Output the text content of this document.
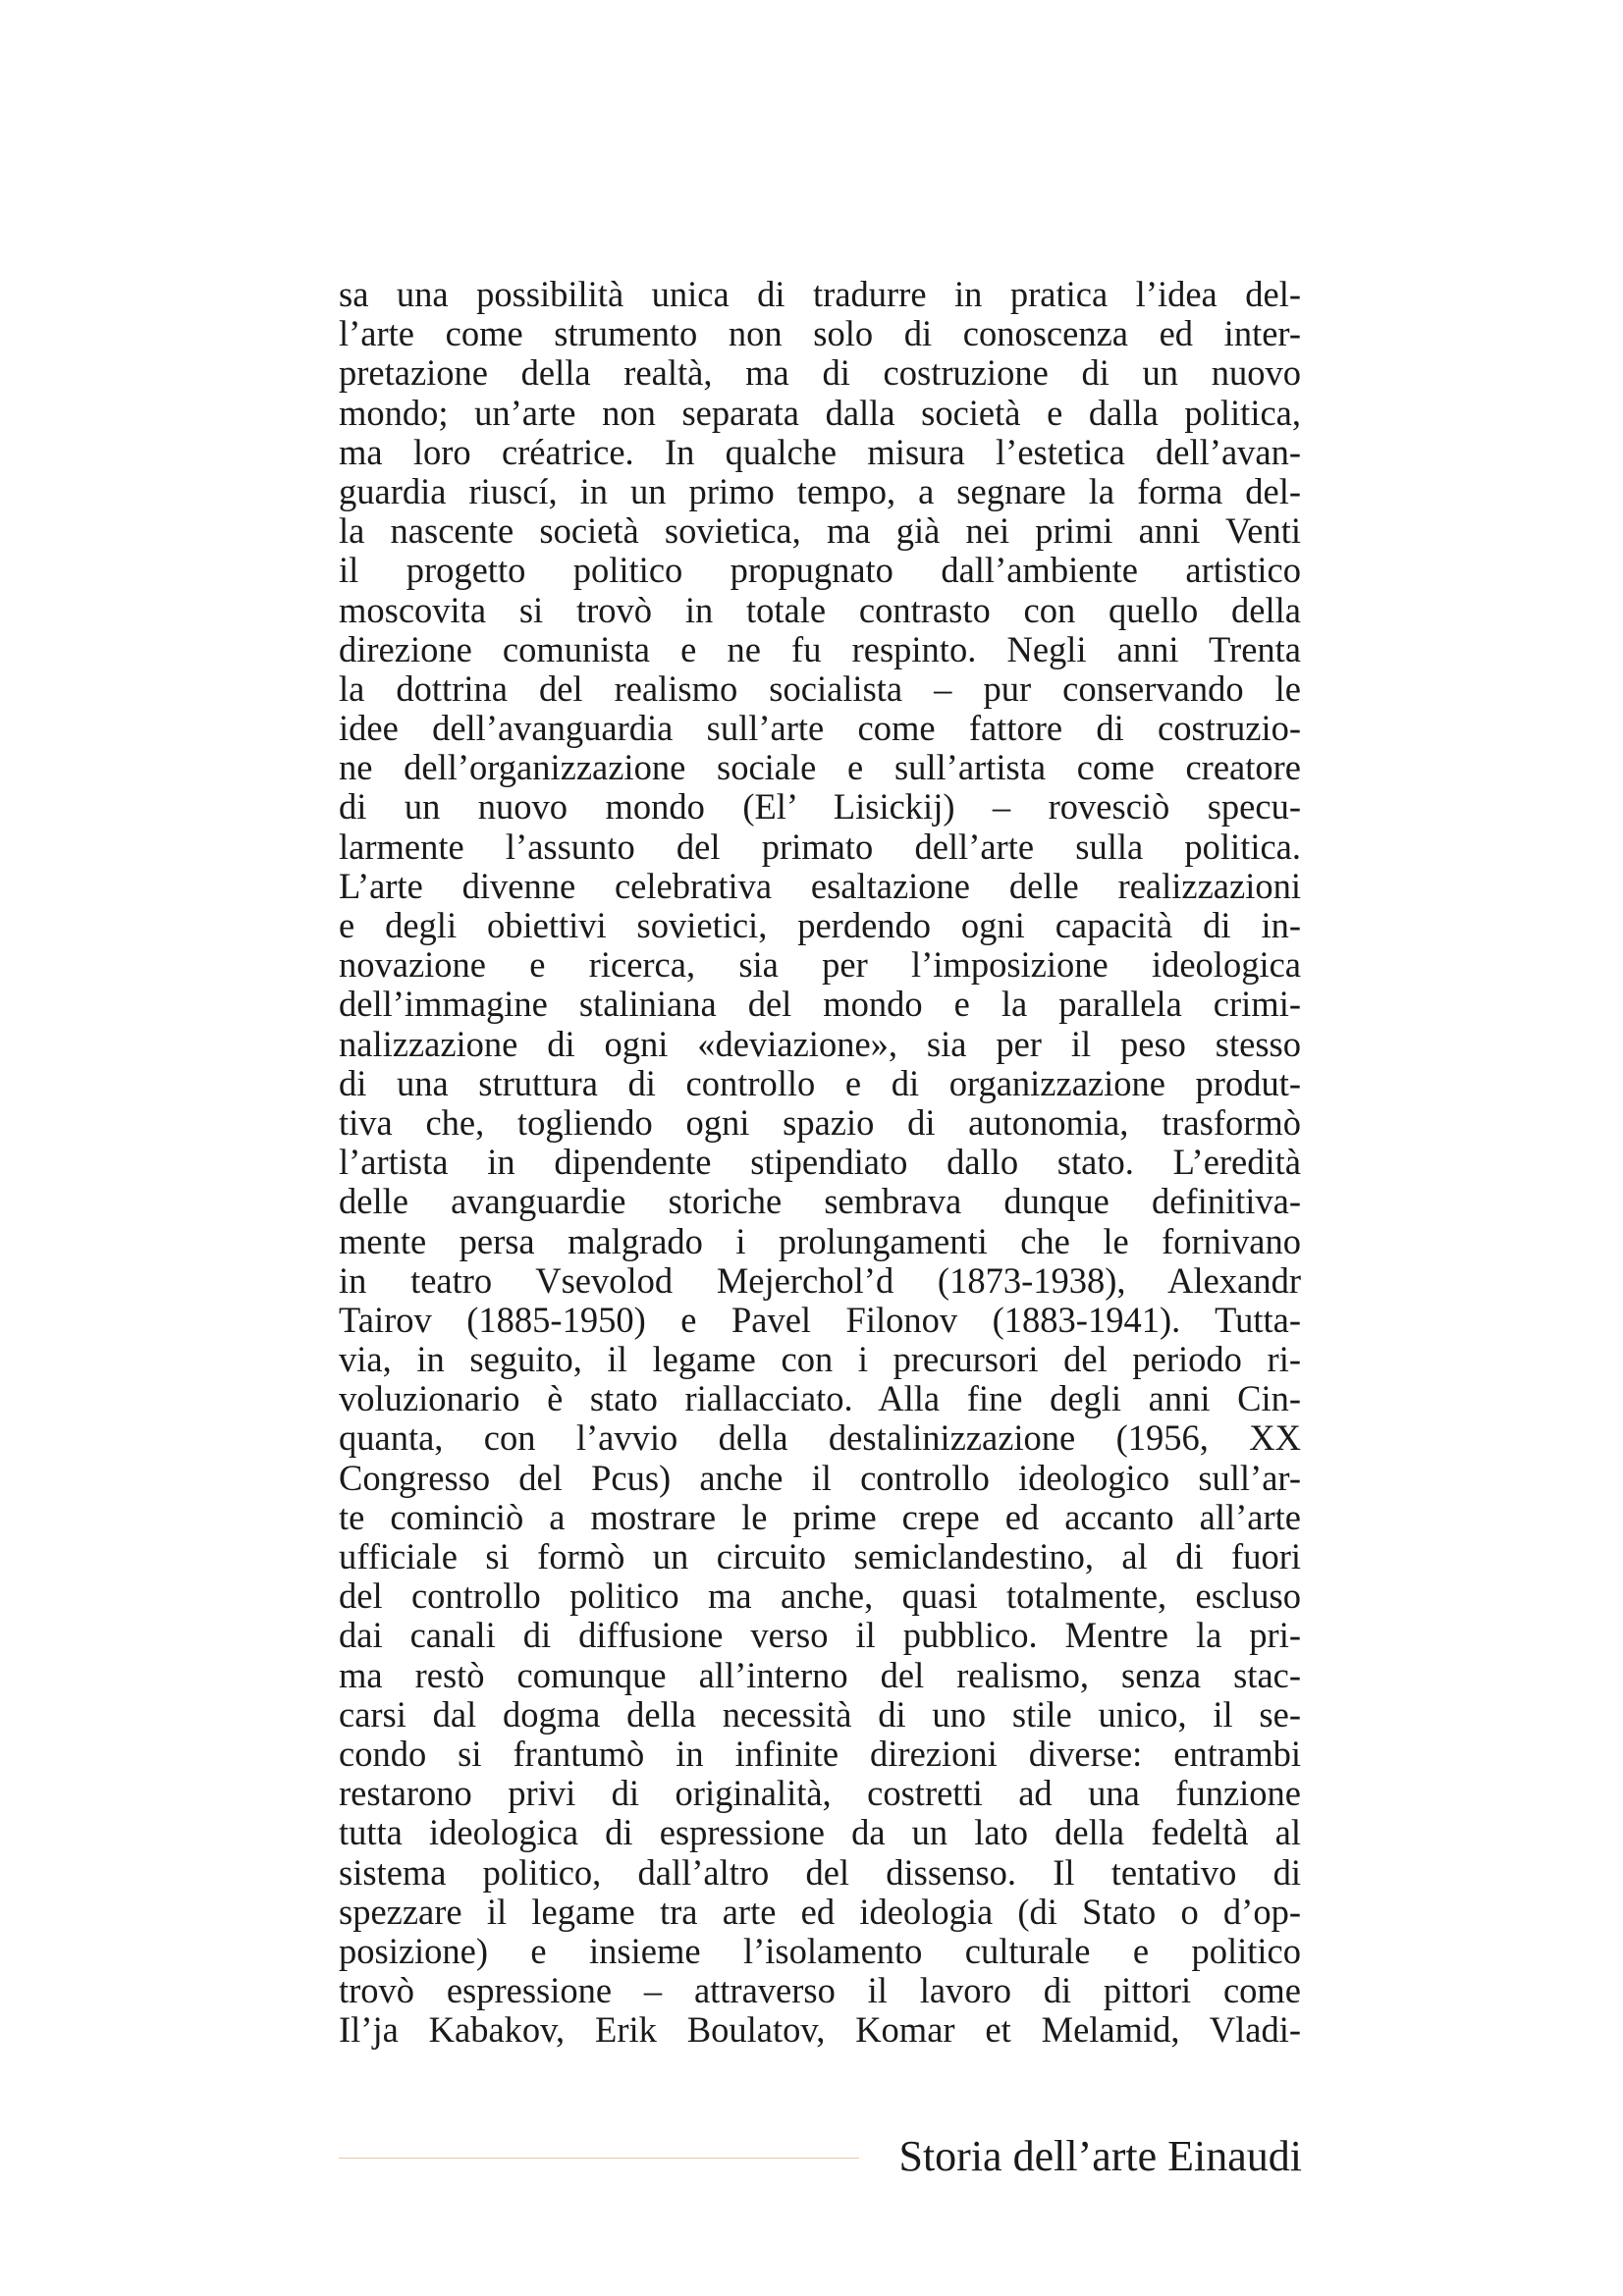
sa una possibilità unica di tradurre in pratica l’idea del-
l’arte come strumento non solo di conoscenza ed inter-
pretazione della realtà, ma di costruzione di un nuovo
mondo; un’arte non separata dalla società e dalla politica,
ma loro créatrice. In qualche misura l’estetica dell’avan-
guardia riuscí, in un primo tempo, a segnare la forma del-
la nascente società sovietica, ma già nei primi anni Venti
il progetto politico propugnato dall’ambiente artistico
moscovita si trovò in totale contrasto con quello della
direzione comunista e ne fu respinto. Negli anni Trenta
la dottrina del realismo socialista – pur conservando le
idee dell’avanguardia sull’arte come fattore di costruzio-
ne dell’organizzazione sociale e sull’artista come creatore
di un nuovo mondo (El’ Lisickij) – rovesciò specu-
larmente l’assunto del primato dell’arte sulla politica.
L’arte divenne celebrativa esaltazione delle realizzazioni
e degli obiettivi sovietici, perdendo ogni capacità di in-
novazione e ricerca, sia per l’imposizione ideologica
dell’immagine staliniana del mondo e la parallela crimi-
nalizzazione di ogni «deviazione», sia per il peso stesso
di una struttura di controllo e di organizzazione produt-
tiva che, togliendo ogni spazio di autonomia, trasformò
l’artista in dipendente stipendiato dallo stato. L’eredità
delle avanguardie storiche sembrava dunque definitiva-
mente persa malgrado i prolungamenti che le fornivano
in teatro Vsevolod Mejerchol’d (1873-1938), Alexandr
Tairov (1885-1950) e Pavel Filonov (1883-1941). Tutta-
via, in seguito, il legame con i precursori del periodo ri-
voluzionario è stato riallacciato. Alla fine degli anni Cin-
quanta, con l’avvio della destalinizzazione (1956, XX
Congresso del Pcus) anche il controllo ideologico sull’ar-
te cominciò a mostrare le prime crepe ed accanto all’arte
ufficiale si formò un circuito semiclandestino, al di fuori
del controllo politico ma anche, quasi totalmente, escluso
dai canali di diffusione verso il pubblico. Mentre la pri-
ma restò comunque all’interno del realismo, senza stac-
carsi dal dogma della necessità di uno stile unico, il se-
condo si frantumò in infinite direzioni diverse: entrambi
restarono privi di originalità, costretti ad una funzione
tutta ideologica di espressione da un lato della fedeltà al
sistema politico, dall’altro del dissenso. Il tentativo di
spezzare il legame tra arte ed ideologia (di Stato o d’op-
posizione) e insieme l’isolamento culturale e politico
trovò espressione – attraverso il lavoro di pittori come
Il’ja Kabakov, Erik Boulatov, Komar et Melamid, Vladi-
Storia dell’arte Einaudi
